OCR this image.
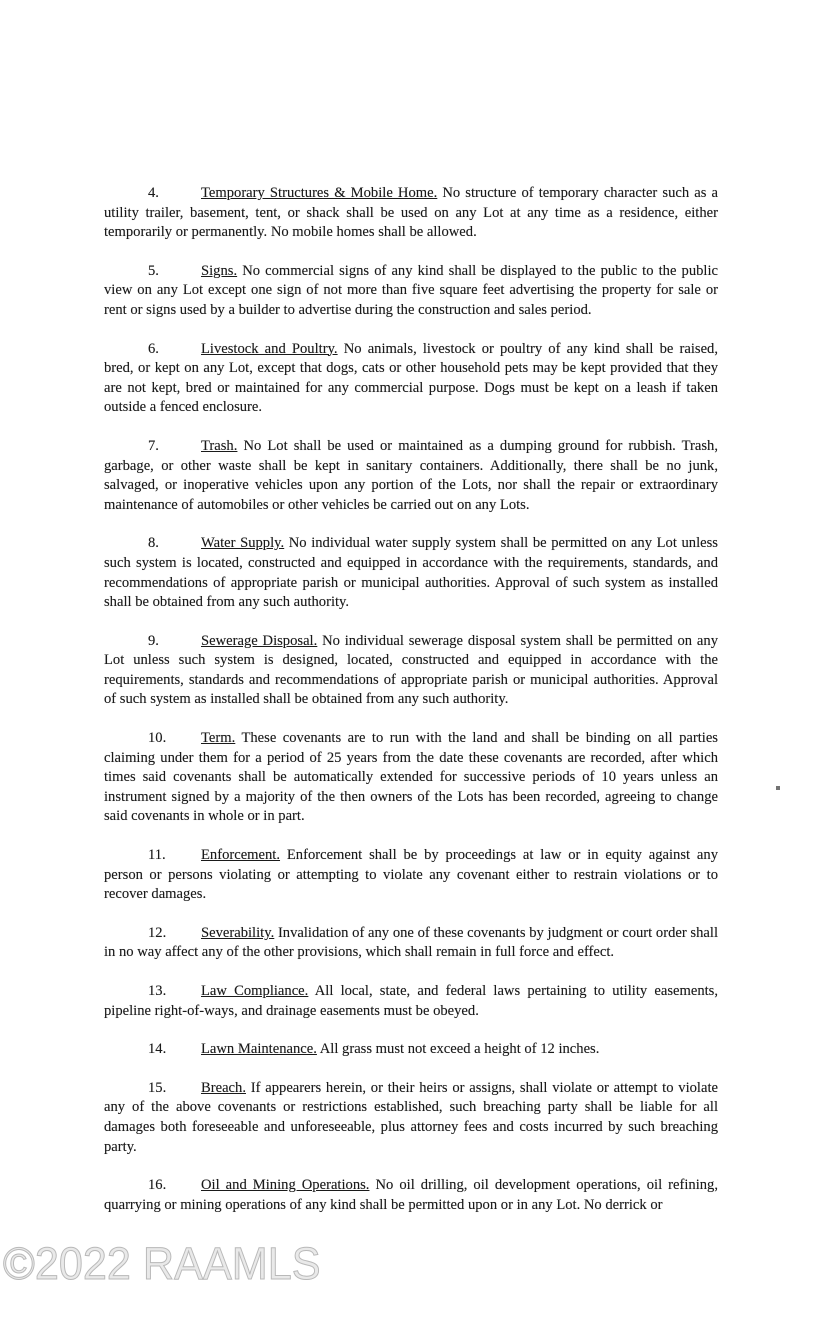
4.	Temporary Structures & Mobile Home. No structure of temporary character such as a utility trailer, basement, tent, or shack shall be used on any Lot at any time as a residence, either temporarily or permanently. No mobile homes shall be allowed.

5.	Signs. No commercial signs of any kind shall be displayed to the public to the public view on any Lot except one sign of not more than five square feet advertising the property for sale or rent or signs used by a builder to advertise during the construction and sales period.

6.	Livestock and Poultry. No animals, livestock or poultry of any kind shall be raised, bred, or kept on any Lot, except that dogs, cats or other household pets may be kept provided that they are not kept, bred or maintained for any commercial purpose. Dogs must be kept on a leash if taken outside a fenced enclosure.

7.	Trash. No Lot shall be used or maintained as a dumping ground for rubbish. Trash, garbage, or other waste shall be kept in sanitary containers. Additionally, there shall be no junk, salvaged, or inoperative vehicles upon any portion of the Lots, nor shall the repair or extraordinary maintenance of automobiles or other vehicles be carried out on any Lots.

8.	Water Supply. No individual water supply system shall be permitted on any Lot unless such system is located, constructed and equipped in accordance with the requirements, standards, and recommendations of appropriate parish or municipal authorities. Approval of such system as installed shall be obtained from any such authority.

9.	Sewerage Disposal. No individual sewerage disposal system shall be permitted on any Lot unless such system is designed, located, constructed and equipped in accordance with the requirements, standards and recommendations of appropriate parish or municipal authorities. Approval of such system as installed shall be obtained from any such authority.

10. Term. These covenants are to run with the land and shall be binding on all parties claiming under them for a period of 25 years from the date these covenants are recorded, after which times said covenants shall be automatically extended for successive periods of 10 years unless an instrument signed by a majority of the then owners of the Lots has been recorded, agreeing to change said covenants in whole or in part.

11. Enforcement. Enforcement shall be by proceedings at law or in equity against any person or persons violating or attempting to violate any covenant either to restrain violations or to recover damages.

12. Severability. Invalidation of any one of these covenants by judgment or court order shall in no way affect any of the other provisions, which shall remain in full force and effect.

13. Law Compliance. All local, state, and federal laws pertaining to utility easements, pipeline right-of-ways, and drainage easements must be obeyed.

14. Lawn Maintenance. All grass must not exceed a height of 12 inches.

15. Breach. If appearers herein, or their heirs or assigns, shall violate or attempt to violate any of the above covenants or restrictions established, such breaching party shall be liable for all damages both foreseeable and unforeseeable, plus attorney fees and costs incurred by such breaching party.

16. Oil and Mining Operations. No oil drilling, oil development operations, oil refining, quarrying or mining operations of any kind shall be permitted upon or in any Lot. No derrick or

©2022 RAAMLS
